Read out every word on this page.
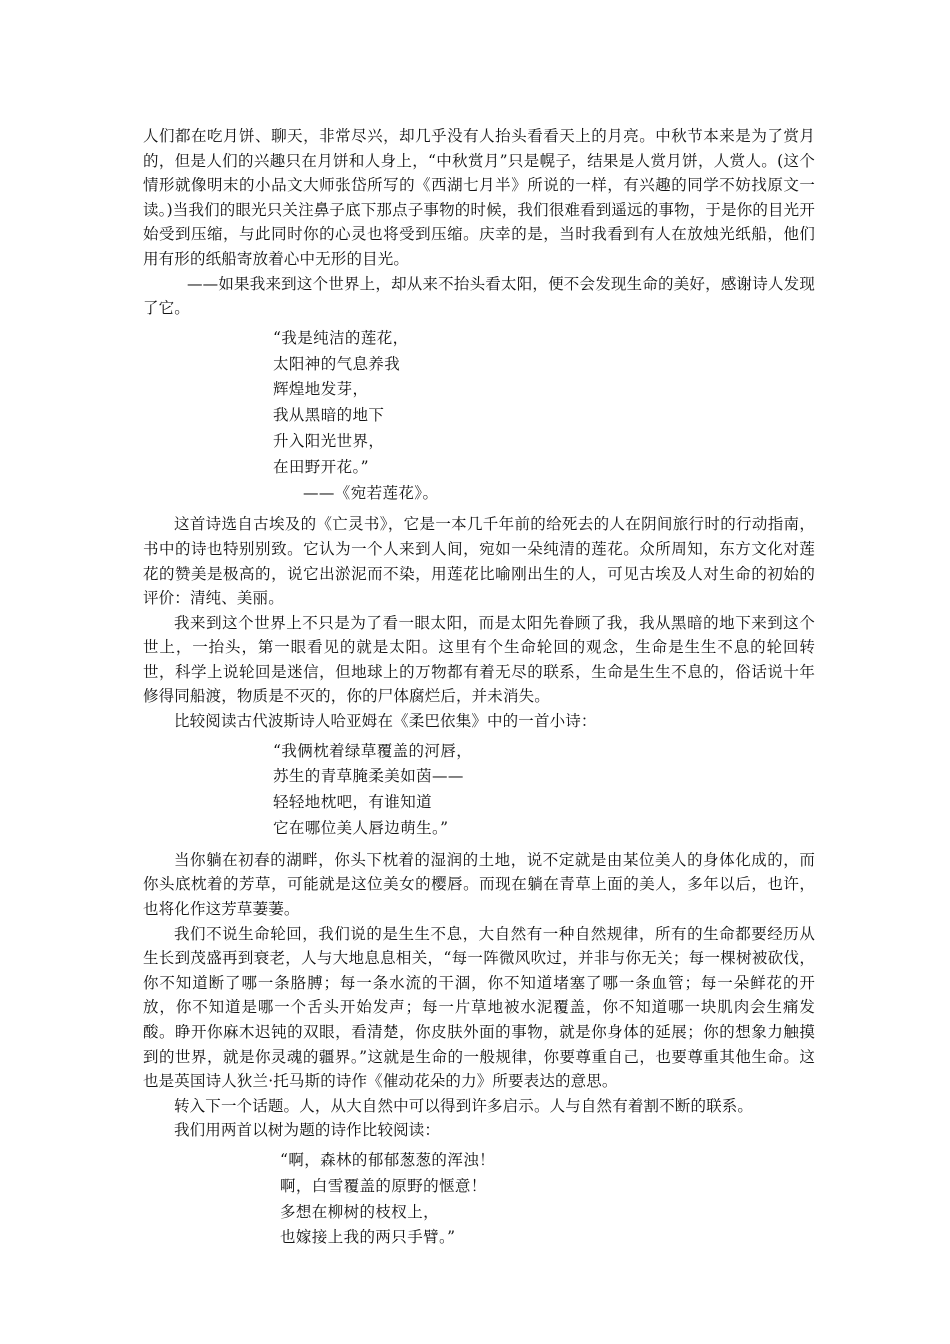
人们都在吃月饼、聊天，非常尽兴，却几乎没有人抬头看看天上的月亮。中秋节本来是为了赏月的，但是人们的兴趣只在月饼和人身上，“中秋赏月”只是幌子，结果是人赏月饼，人赏人。(这个情形就像明末的小品文大师张岱所写的《西湖七月半》所说的一样，有兴趣的同学不妨找原文一读。)当我们的眼光只关注鼻子底下那点子事物的时候，我们很难看到遥远的事物，于是你的目光开始受到压缩，与此同时你的心灵也将受到压缩。庆幸的是，当时我看到有人在放烛光纸船，他们用有形的纸船寄放着心中无形的目光。

——如果我来到这个世界上，却从来不抬头看太阳，便不会发现生命的美好，感谢诗人发现了它。

“我是纯洁的莲花，
太阳神的气息养我
辉煌地发芽，
我从黑暗的地下
升入阳光世界，
在田野开花。”
——《宛若莲花》。

这首诗选自古埃及的《亡灵书》，它是一本几千年前的给死去的人在阴间旅行时的行动指南，书中的诗也特别别致。它认为一个人来到人间，宛如一朵纯清的莲花。众所周知，东方文化对莲花的赞美是极高的，说它出淤泥而不染，用莲花比喻刚出生的人，可见古埃及人对生命的初始的评价：清纯、美丽。

我来到这个世界上不只是为了看一眼太阳，而是太阳先眷顾了我，我从黑暗的地下来到这个世上，一抬头，第一眼看见的就是太阳。这里有个生命轮回的观念，生命是生生不息的轮回转世，科学上说轮回是迷信，但地球上的万物都有着无尽的联系，生命是生生不息的，俗话说十年修得同船渡，物质是不灭的，你的尸体腐烂后，并未消失。

比较阅读古代波斯诗人哈亚姆在《柔巴依集》中的一首小诗：

“我俩枕着绿草覆盖的河唇，
苏生的青草腌柔美如茵——
轻轻地枕吧，有谁知道
它在哪位美人唇边萌生。”

当你躺在初春的湖畔，你头下枕着的湿润的土地，说不定就是由某位美人的身体化成的，而你头底枕着的芳草，可能就是这位美女的樱唇。而现在躺在青草上面的美人，多年以后，也许，也将化作这芳草萋萋。

我们不说生命轮回，我们说的是生生不息，大自然有一种自然规律，所有的生命都要经历从生长到茂盛再到衰老，人与大地息息相关，“每一阵微风吹过，并非与你无关；每一棵树被砍伐，你不知道断了哪一条胳膊；每一条水流的干涸，你不知道堵塞了哪一条血管；每一朵鲜花的开放，你不知道是哪一个舌头开始发声；每一片草地被水泥覆盖，你不知道哪一块肌肉会生痛发酸。睁开你麻木迟钝的双眼，看清楚，你皮肤外面的事物，就是你身体的延展；你的想象力触摸到的世界，就是你灵魂的疆界。”这就是生命的一般规律，你要尊重自己，也要尊重其他生命。这也是英国诗人狄兰·托马斯的诗作《催动花朵的力》所要表达的意思。

转入下一个话题。人，从大自然中可以得到许多启示。人与自然有着割不断的联系。

我们用两首以树为题的诗作比较阅读：

“啊，森林的郁郁葱葱的浑浊！
啊，白雪覆盖的原野的惬意！
多想在柳树的枝杈上，
也嫁接上我的两只手臂。”
